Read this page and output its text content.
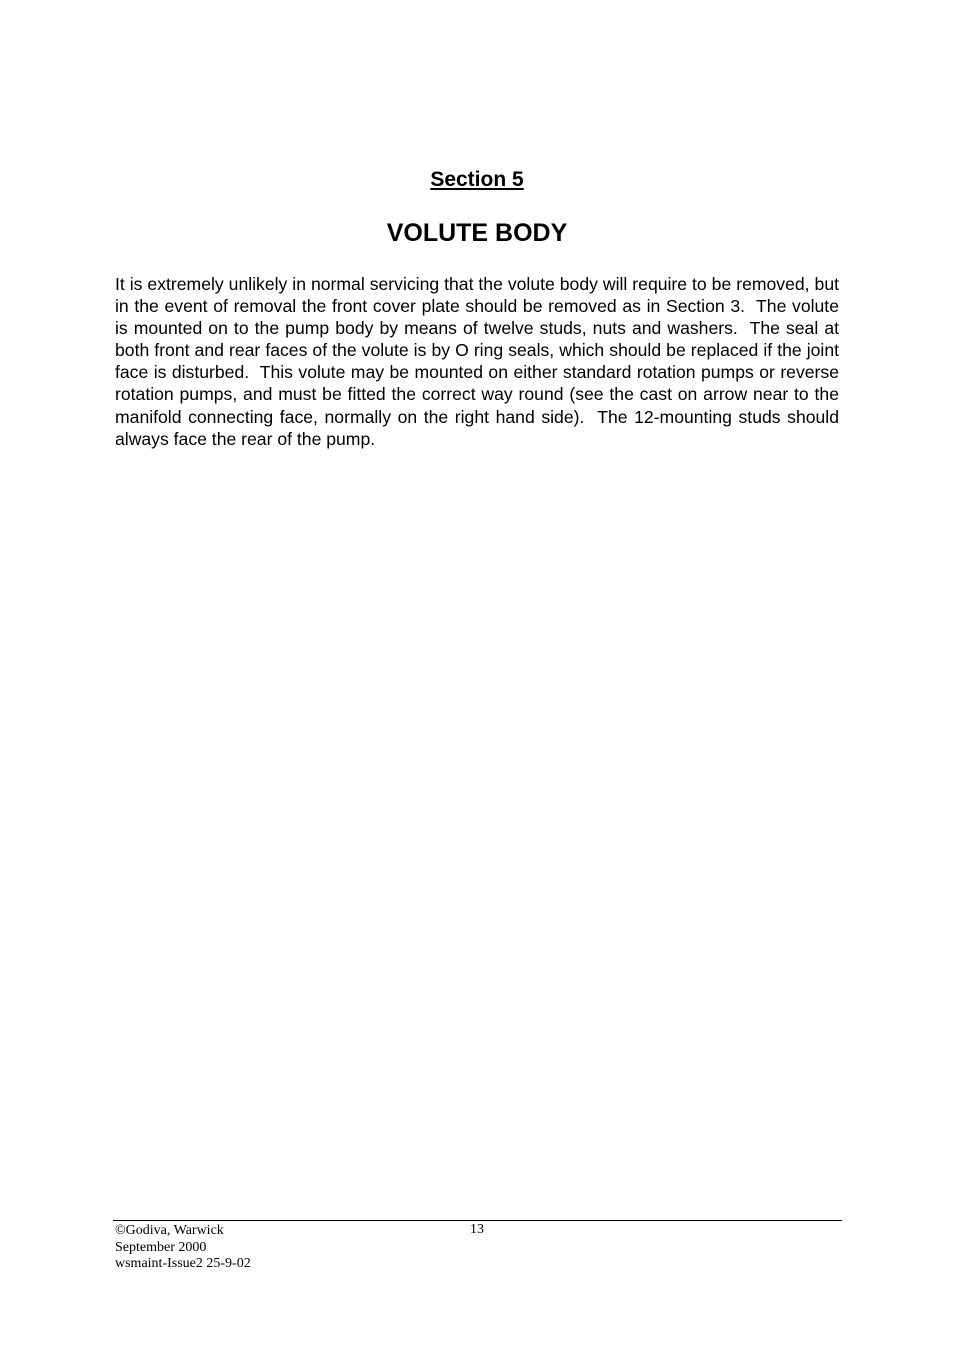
Section 5
VOLUTE BODY

It is extremely unlikely in normal servicing that the volute body will require to be removed, but in the event of removal the front cover plate should be removed as in Section 3.  The volute is mounted on to the pump body by means of twelve studs, nuts and washers.  The seal at both front and rear faces of the volute is by O ring seals, which should be replaced if the joint face is disturbed.  This volute may be mounted on either standard rotation pumps or reverse rotation pumps, and must be fitted the correct way round (see the cast on arrow near to the manifold connecting face, normally on the right hand side).  The 12-mounting studs should always face the rear of the pump.

©Godiva, Warwick
September 2000
wsmaint-Issue2 25-9-02
13
